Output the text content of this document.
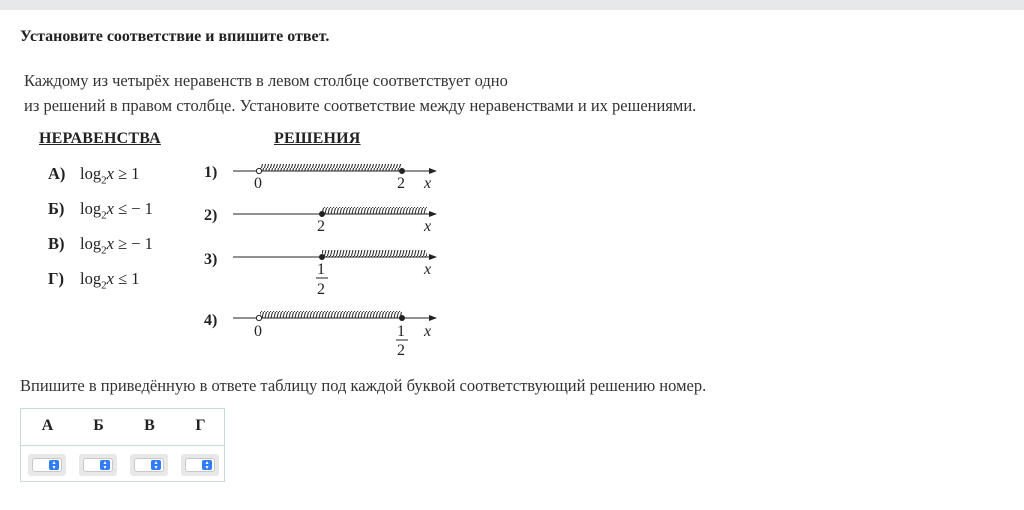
Установите соответствие и впишите ответ.
Каждому из четырёх неравенств в левом столбце соответствует одно
из решений в правом столбце. Установите соответствие между неравенствами и их решениями.
НЕРАВЕНСТВА	РЕШЕНИЯ
А) $\log_2x \ge 1$
Б) $\log_2x$ ≤ − 1
В) $\log_2x$ ≥ − 1
Г) $\log_2x \le 1$
1)
2)
3)
4)
0	2 x
2	x
1
2
x
0	1
2
x
Впишите в приведённую в ответе таблицу под каждой буквой соответствующий решению номер.
А	Б	В	Г
▴
▾
▴
▾
▴
▾
▴
▾
